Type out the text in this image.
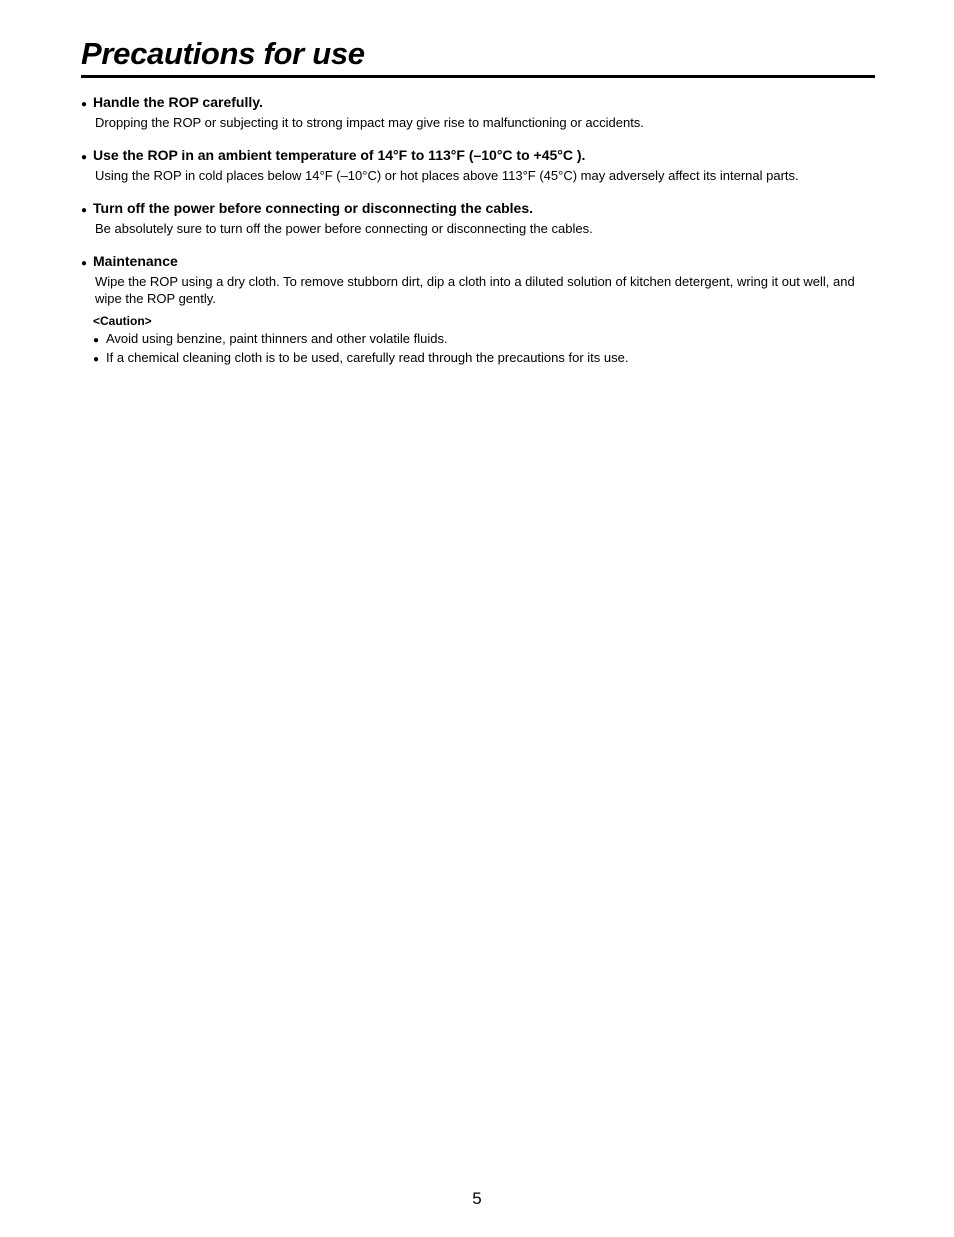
Precautions for use
● Handle the ROP carefully.
Dropping the ROP or subjecting it to strong impact may give rise to malfunctioning or accidents.
● Use the ROP in an ambient temperature of 14°F to 113°F (–10°C to +45°C ).
Using the ROP in cold places below 14°F (–10°C) or hot places above 113°F (45°C) may adversely affect its internal parts.
● Turn off the power before connecting or disconnecting the cables.
Be absolutely sure to turn off the power before connecting or disconnecting the cables.
● Maintenance
Wipe the ROP using a dry cloth. To remove stubborn dirt, dip a cloth into a diluted solution of kitchen detergent, wring it out well, and wipe the ROP gently.
<Caution>
● Avoid using benzine, paint thinners and other volatile fluids.
● If a chemical cleaning cloth is to be used, carefully read through the precautions for its use.
5
